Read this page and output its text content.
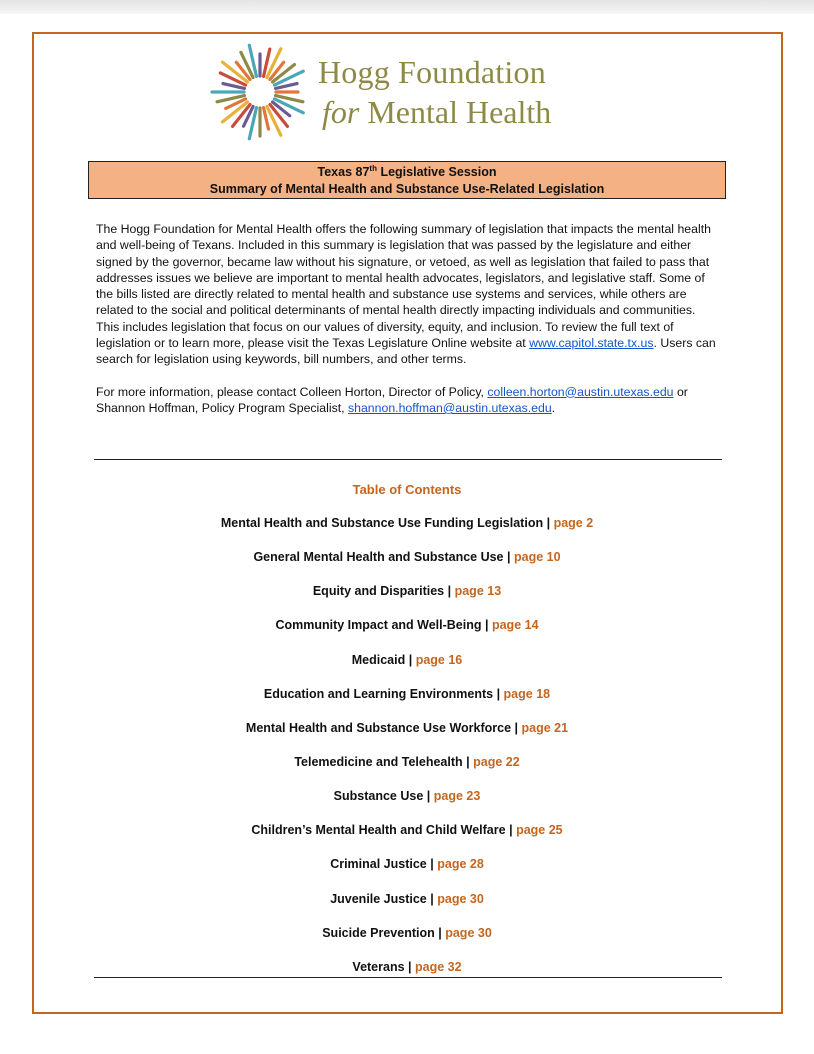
Hogg Foundation
for Mental Health
Texas 87th Legislative Session
Summary of Mental Health and Substance Use-Related Legislation

The Hogg Foundation for Mental Health offers the following summary of legislation that impacts the mental health and well-being of Texans. Included in this summary is legislation that was passed by the legislature and either signed by the governor, became law without his signature, or vetoed, as well as legislation that failed to pass that addresses issues we believe are important to mental health advocates, legislators, and legislative staff. Some of the bills listed are directly related to mental health and substance use systems and services, while others are related to the social and political determinants of mental health directly impacting individuals and communities. This includes legislation that focus on our values of diversity, equity, and inclusion. To review the full text of legislation or to learn more, please visit the Texas Legislature Online website at www.capitol.state.tx.us. Users can search for legislation using keywords, bill numbers, and other terms.

For more information, please contact Colleen Horton, Director of Policy, colleen.horton@austin.utexas.edu or Shannon Hoffman, Policy Program Specialist, shannon.hoffman@austin.utexas.edu.

Table of Contents
Mental Health and Substance Use Funding Legislation | page 2
General Mental Health and Substance Use | page 10
Equity and Disparities | page 13
Community Impact and Well-Being | page 14
Medicaid | page 16
Education and Learning Environments | page 18
Mental Health and Substance Use Workforce | page 21
Telemedicine and Telehealth | page 22
Substance Use | page 23
Children’s Mental Health and Child Welfare | page 25
Criminal Justice | page 28
Juvenile Justice | page 30
Suicide Prevention | page 30
Veterans | page 32
